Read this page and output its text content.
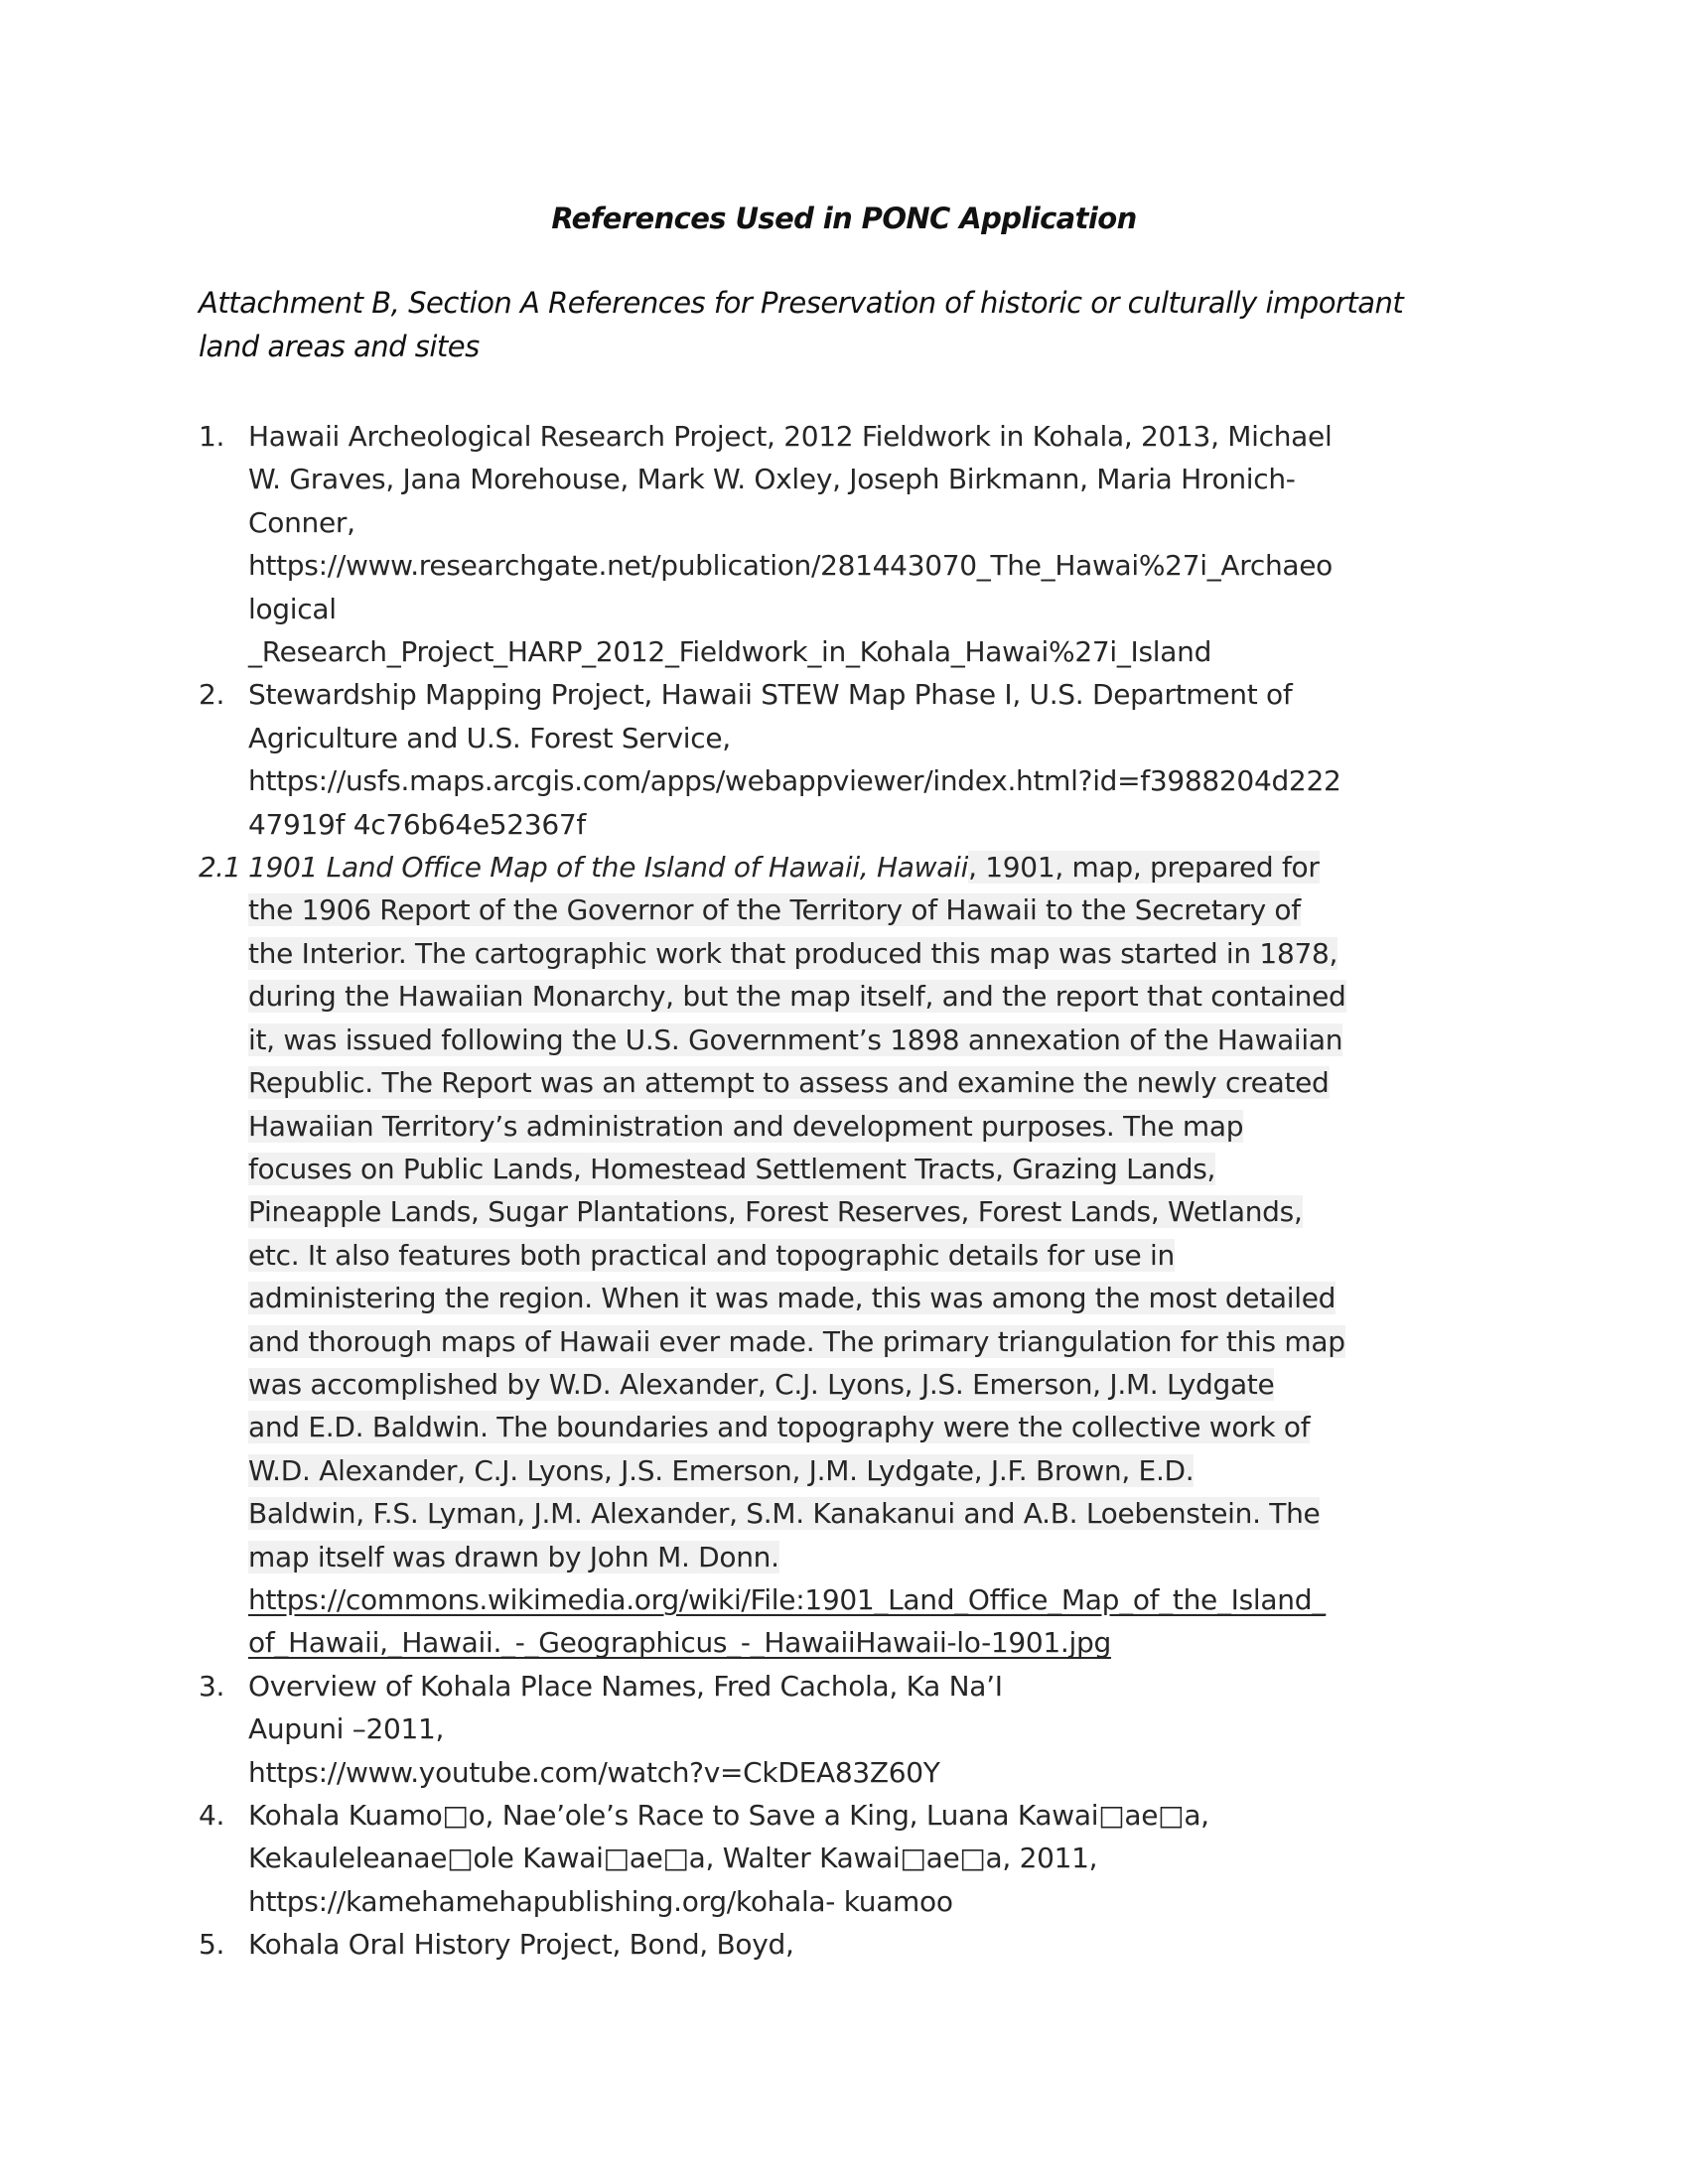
References Used in PONC Application
Attachment B, Section A References for Preservation of historic or culturally important
land areas and sites
1. Hawaii Archeological Research Project, 2012 Fieldwork in Kohala, 2013, Michael
W. Graves, Jana Morehouse, Mark W. Oxley, Joseph Birkmann, Maria Hronich-
Conner,
https://www.researchgate.net/publication/281443070_The_Hawai%27i_Archaeo
logical
_Research_Project_HARP_2012_Fieldwork_in_Kohala_Hawai%27i_Island
2. Stewardship Mapping Project, Hawaii STEW Map Phase I, U.S. Department of
Agriculture and U.S. Forest Service,
https://usfs.maps.arcgis.com/apps/webappviewer/index.html?id=f3988204d222
47919f 4c76b64e52367f
2.1 1901 Land Office Map of the Island of Hawaii, Hawaii, 1901, map, prepared for
the 1906 Report of the Governor of the Territory of Hawaii to the Secretary of
the Interior. The cartographic work that produced this map was started in 1878,
during the Hawaiian Monarchy, but the map itself, and the report that contained
it, was issued following the U.S. Government’s 1898 annexation of the Hawaiian
Republic. The Report was an attempt to assess and examine the newly created
Hawaiian Territory’s administration and development purposes. The map
focuses on Public Lands, Homestead Settlement Tracts, Grazing Lands,
Pineapple Lands, Sugar Plantations, Forest Reserves, Forest Lands, Wetlands,
etc. It also features both practical and topographic details for use in
administering the region. When it was made, this was among the most detailed
and thorough maps of Hawaii ever made. The primary triangulation for this map
was accomplished by W.D. Alexander, C.J. Lyons, J.S. Emerson, J.M. Lydgate
and E.D. Baldwin. The boundaries and topography were the collective work of
W.D. Alexander, C.J. Lyons, J.S. Emerson, J.M. Lydgate, J.F. Brown, E.D.
Baldwin, F.S. Lyman, J.M. Alexander, S.M. Kanakanui and A.B. Loebenstein. The
map itself was drawn by John M. Donn.
https://commons.wikimedia.org/wiki/File:1901_Land_Office_Map_of_the_Island_
of_Hawaii,_Hawaii._-_Geographicus_-_HawaiiHawaii-lo-1901.jpg
3. Overview of Kohala Place Names, Fred Cachola, Ka Na’I
Aupuni –2011,
https://www.youtube.com/watch?v=CkDEA83Z60Y
4. Kohala Kuamo□o, Nae’ole’s Race to Save a King, Luana Kawai□ae□a,
Kekauleleanae□ole Kawai□ae□a, Walter Kawai□ae□a, 2011,
https://kamehamehapublishing.org/kohala- kuamoo
5. Kohala Oral History Project, Bond, Boyd,
